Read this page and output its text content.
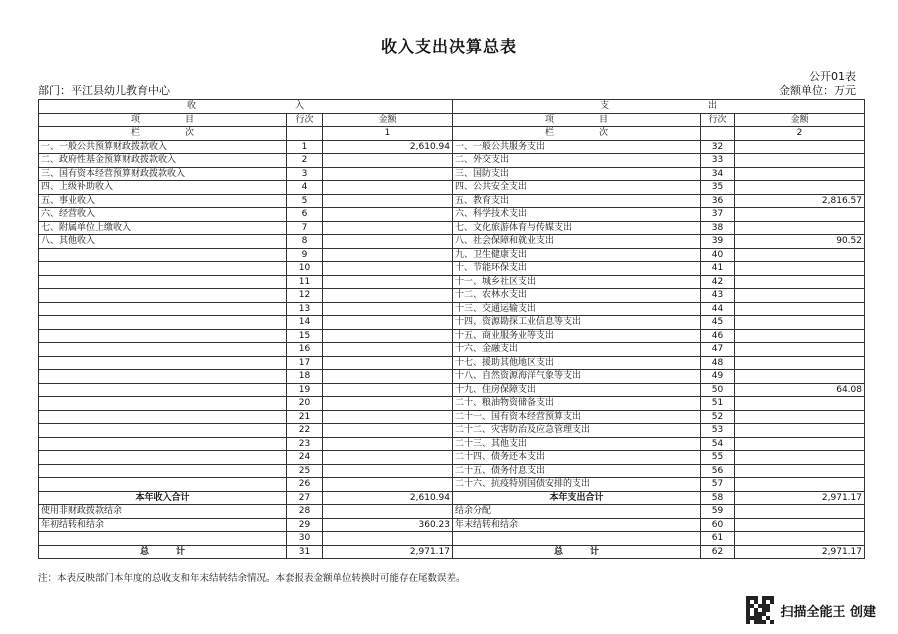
收入支出决算总表
公开01表
部门：平江县幼儿教育中心	金额单位：万元
收　　　　　　　　　　　入			支　　　　　　　　　　　出		
项　　　　　目	行次	金额	项　　　　　目	行次	金额
栏　　　　　次		1	栏　　　　　次		2
一、一般公共预算财政拨款收入	1	2,610.94	一、一般公共服务支出	32	
二、政府性基金预算财政拨款收入	2		二、外交支出	33	
三、国有资本经营预算财政拨款收入	3		三、国防支出	34	
四、上级补助收入	4		四、公共安全支出	35	
五、事业收入	5		五、教育支出	36	2,816.57
六、经营收入	6		六、科学技术支出	37	
七、附属单位上缴收入	7		七、文化旅游体育与传媒支出	38	
八、其他收入	8		八、社会保障和就业支出	39	90.52
	9		九、卫生健康支出	40	
	10		十、节能环保支出	41	
	11		十一、城乡社区支出	42	
	12		十二、农林水支出	43	
	13		十三、交通运输支出	44	
	14		十四、资源勘探工业信息等支出	45	
	15		十五、商业服务业等支出	46	
	16		十六、金融支出	47	
	17		十七、援助其他地区支出	48	
	18		十八、自然资源海洋气象等支出	49	
	19		十九、住房保障支出	50	64.08
	20		二十、粮油物资储备支出	51	
	21		二十一、国有资本经营预算支出	52	
	22		二十二、灾害防治及应急管理支出	53	
	23		二十三、其他支出	54	
	24		二十四、债务还本支出	55	
	25		二十五、债务付息支出	56	
	26		二十六、抗疫特别国债安排的支出	57	
本年收入合计	27	2,610.94	本年支出合计	58	2,971.17
使用非财政拨款结余	28		结余分配	59	
年初结转和结余	29	360.23	年末结转和结余	60	
	30			61	
总　　　计	31	2,971.17	总　　　计	62	2,971.17
注：本表反映部门本年度的总收支和年末结转结余情况。本套报表金额单位转换时可能存在尾数误差。
扫描全能王 创建
